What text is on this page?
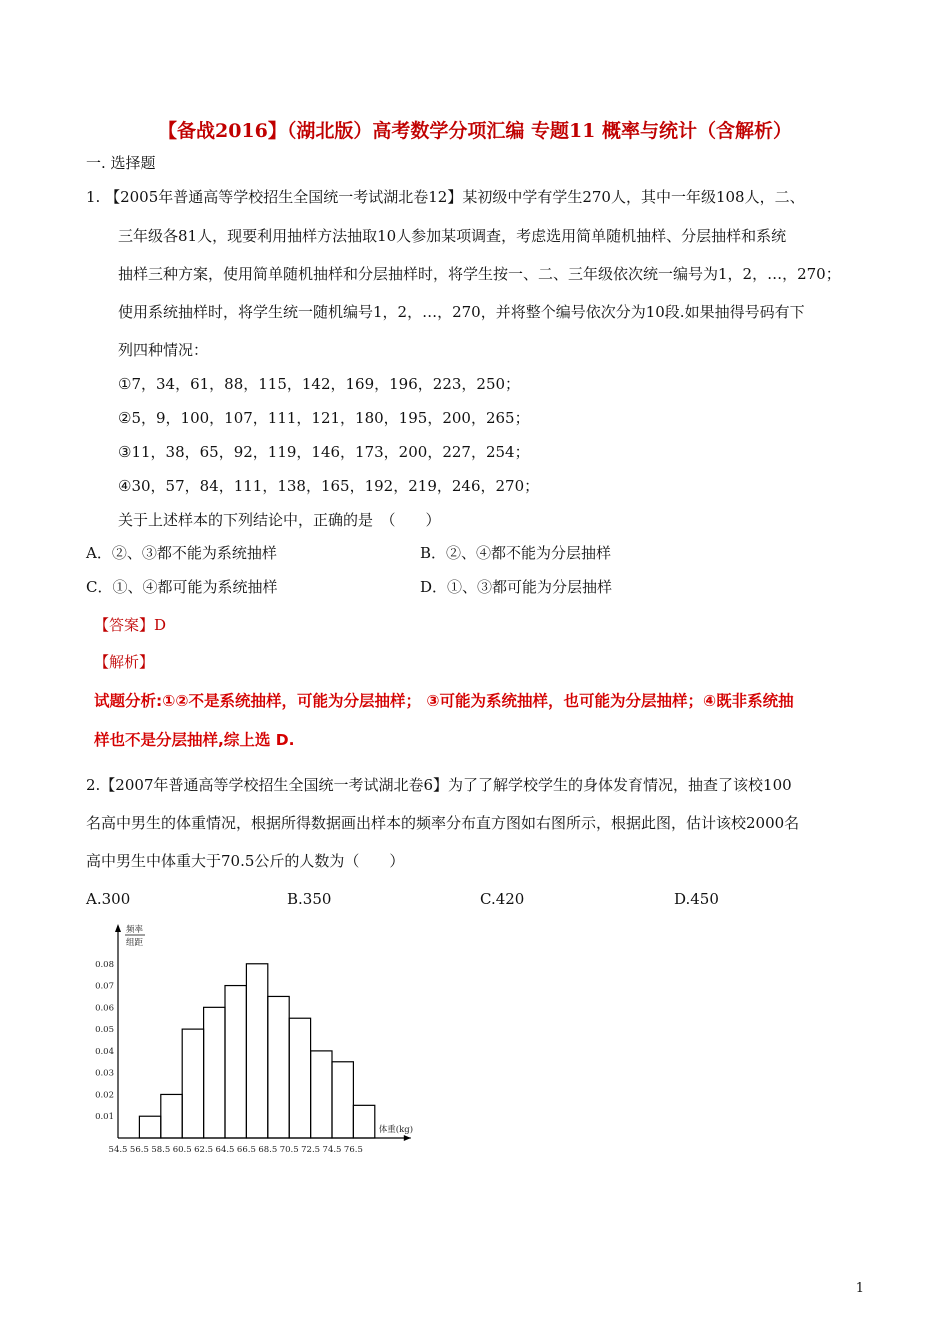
【备战2016】（湖北版）高考数学分项汇编 专题11 概率与统计（含解析）
一. 选择题
1. 【2005年普通高等学校招生全国统一考试湖北卷12】某初级中学有学生270人，其中一年级108人，二、
三年级各81人，现要利用抽样方法抽取10人参加某项调查，考虑选用简单随机抽样、分层抽样和系统
抽样三种方案，使用简单随机抽样和分层抽样时，将学生按一、二、三年级依次统一编号为1，2，…，270；
使用系统抽样时，将学生统一随机编号1，2，…，270，并将整个编号依次分为10段.如果抽得号码有下
列四种情况：
①7，34，61，88，115，142，169，196，223，250；
②5，9，100，107，111，121，180，195，200，265；
③11，38，65，92，119，146，173，200，227，254；
④30，57，84，111，138，165，192，219，246，270；
关于上述样本的下列结论中，正确的是　（　　）
A．②、③都不能为系统抽样	B．②、④都不能为分层抽样
C．①、④都可能为系统抽样	D．①、③都可能为分层抽样
【答案】D
【解析】
试题分析:①②不是系统抽样，可能为分层抽样； ③可能为系统抽样，也可能为分层抽样；④既非系统抽
样也不是分层抽样,综上选 D.
2.【2007年普通高等学校招生全国统一考试湖北卷6】为了了解学校学生的身体发育情况，抽查了该校100
名高中男生的体重情况，根据所得数据画出样本的频率分布直方图如右图所示，根据此图，估计该校2000名
高中男生中体重大于70.5公斤的人数为（　　）
A.300	B.350	C.420	D.450
0.01
0.02
0.03
0.04
0.05
0.06
0.07
0.08
54.5 56.5 58.5 60.5 62.5 64.5 66.5 68.5 70.5 72.5 74.5 76.5
体重(kg)
频率
组距
1
